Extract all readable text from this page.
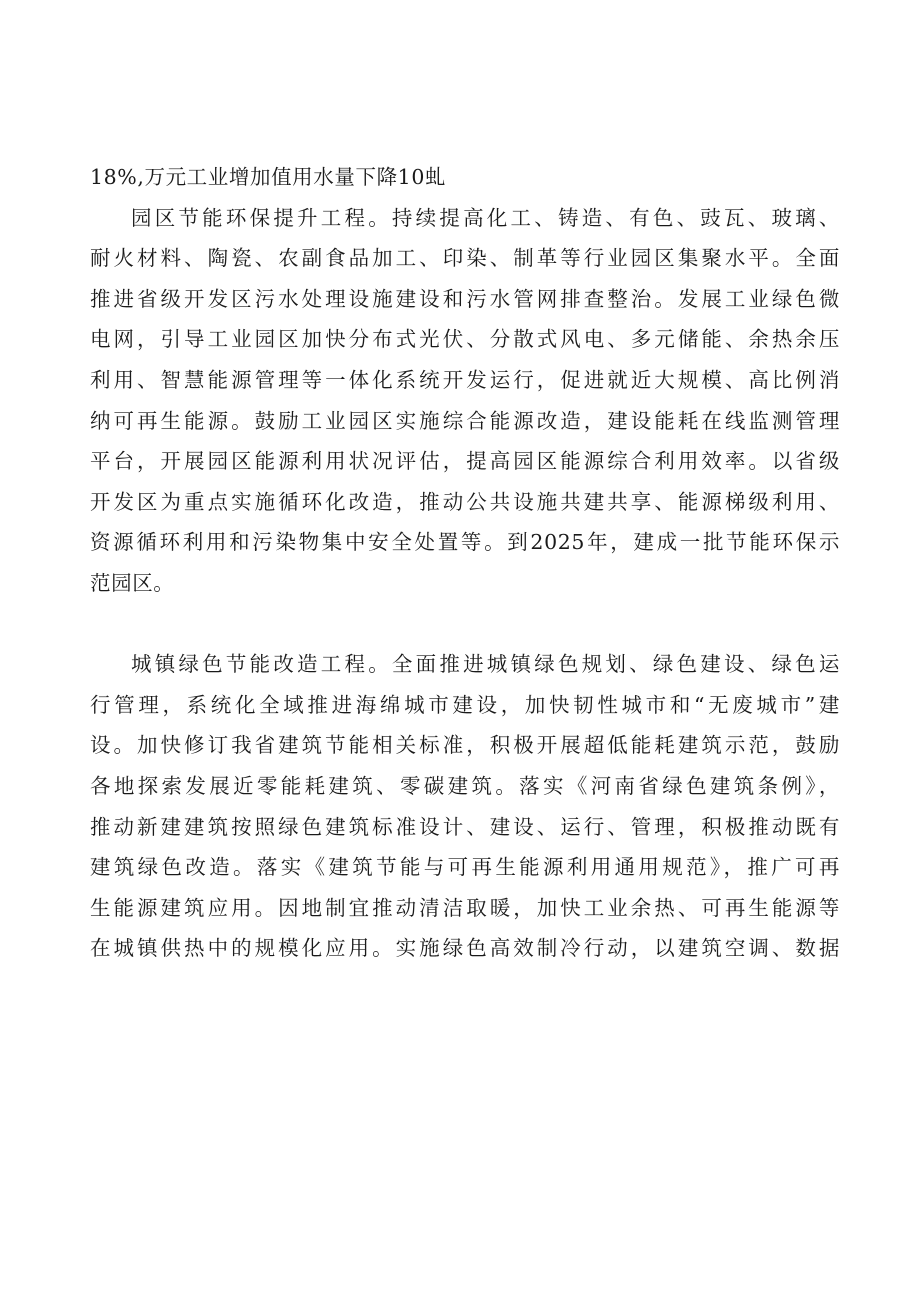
18%,万元工业增加值用水量下降10虬
园区节能环保提升工程。持续提高化工、铸造、有色、豉瓦、玻璃、
耐火材料、陶瓷、农副食品加工、印染、制革等行业园区集聚水平。全面
推进省级开发区污水处理设施建设和污水管网排查整治。发展工业绿色微
电网，引导工业园区加快分布式光伏、分散式风电、多元储能、余热余压
利用、智慧能源管理等一体化系统开发运行，促进就近大规模、高比例消
纳可再生能源。鼓励工业园区实施综合能源改造，建设能耗在线监测管理
平台，开展园区能源利用状况评估，提高园区能源综合利用效率。以省级
开发区为重点实施循环化改造，推动公共设施共建共享、能源梯级利用、
资源循环利用和污染物集中安全处置等。到2025年，建成一批节能环保示
范园区。
城镇绿色节能改造工程。全面推进城镇绿色规划、绿色建设、绿色运
行管理，系统化全域推进海绵城市建设，加快韧性城市和“无废城市”建
设。加快修订我省建筑节能相关标准，积极开展超低能耗建筑示范，鼓励
各地探索发展近零能耗建筑、零碳建筑。落实《河南省绿色建筑条例》，
推动新建建筑按照绿色建筑标准设计、建设、运行、管理，积极推动既有
建筑绿色改造。落实《建筑节能与可再生能源利用通用规范》，推广可再
生能源建筑应用。因地制宜推动清洁取暖，加快工业余热、可再生能源等
在城镇供热中的规模化应用。实施绿色高效制冷行动，以建筑空调、数据
